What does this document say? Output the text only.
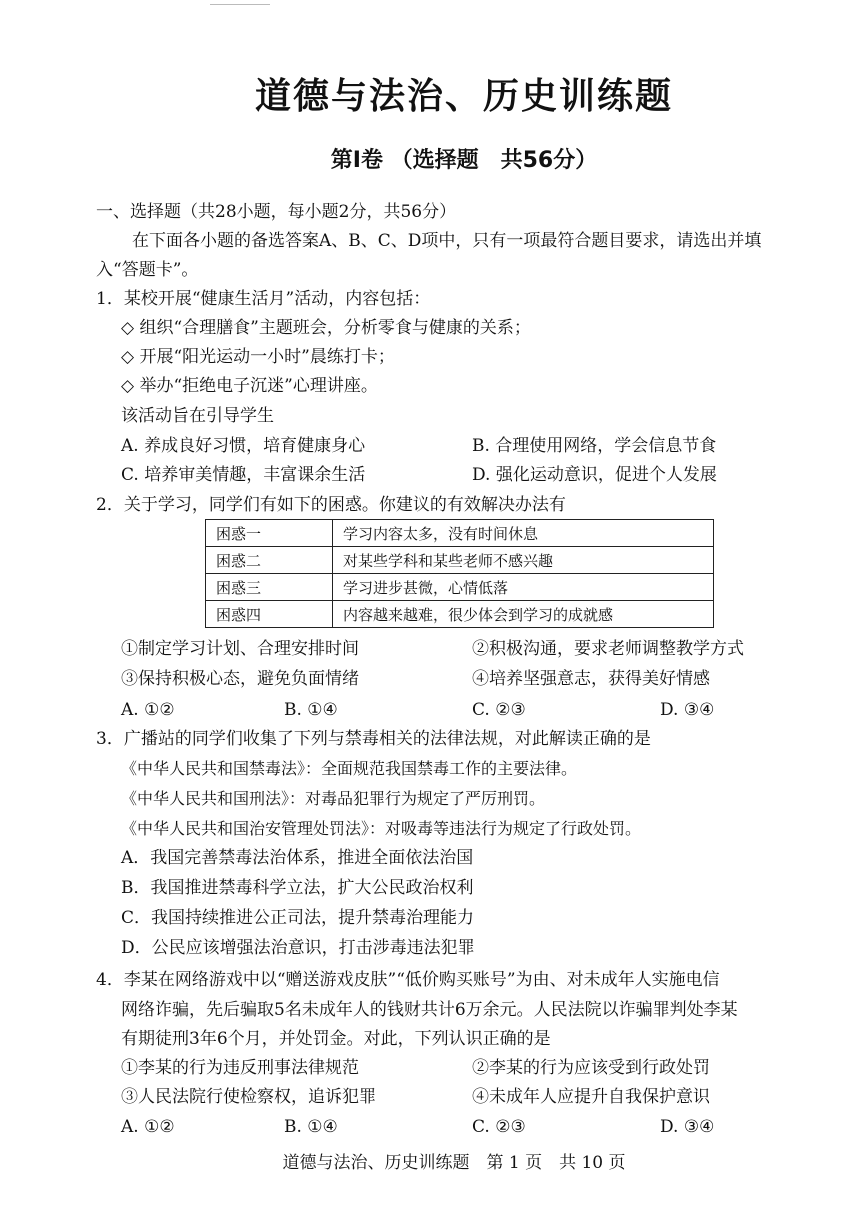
道德与法治、历史训练题
第Ⅰ卷 （选择题　共56分）
一、选择题（共28小题，每小题2分，共56分）
在下面各小题的备选答案A、B、C、D项中，只有一项最符合题目要求，请选出并填
入“答题卡”。
1．某校开展“健康生活月”活动，内容包括：
◇ 组织“合理膳食”主题班会，分析零食与健康的关系；
◇ 开展“阳光运动一小时”晨练打卡；
◇ 举办“拒绝电子沉迷”心理讲座。
该活动旨在引导学生
A. 养成良好习惯，培育健康身心	B. 合理使用网络，学会信息节食
C. 培养审美情趣，丰富课余生活	D. 强化运动意识，促进个人发展
2．关于学习，同学们有如下的困惑。你建议的有效解决办法有
困惑一	学习内容太多，没有时间休息
困惑二	对某些学科和某些老师不感兴趣
困惑三	学习进步甚微，心情低落
困惑四	内容越来越难，很少体会到学习的成就感
①制定学习计划、合理安排时间	②积极沟通，要求老师调整教学方式
③保持积极心态，避免负面情绪	④培养坚强意志，获得美好情感
A. ①②	B. ①④	C. ②③	D. ③④
3．广播站的同学们收集了下列与禁毒相关的法律法规，对此解读正确的是
《中华人民共和国禁毒法》：全面规范我国禁毒工作的主要法律。
《中华人民共和国刑法》：对毒品犯罪行为规定了严厉刑罚。
《中华人民共和国治安管理处罚法》：对吸毒等违法行为规定了行政处罚。
A．我国完善禁毒法治体系，推进全面依法治国
B．我国推进禁毒科学立法，扩大公民政治权利
C．我国持续推进公正司法，提升禁毒治理能力
D．公民应该增强法治意识，打击涉毒违法犯罪
4．李某在网络游戏中以“赠送游戏皮肤”“低价购买账号”为由、对未成年人实施电信
网络诈骗，先后骗取5名未成年人的钱财共计6万余元。人民法院以诈骗罪判处李某
有期徒刑3年6个月，并处罚金。对此，下列认识正确的是
①李某的行为违反刑事法律规范	②李某的行为应该受到行政处罚
③人民法院行使检察权，追诉犯罪	④未成年人应提升自我保护意识
A. ①②	B. ①④	C. ②③	D. ③④
道德与法治、历史训练题　第 1 页　共 10 页
